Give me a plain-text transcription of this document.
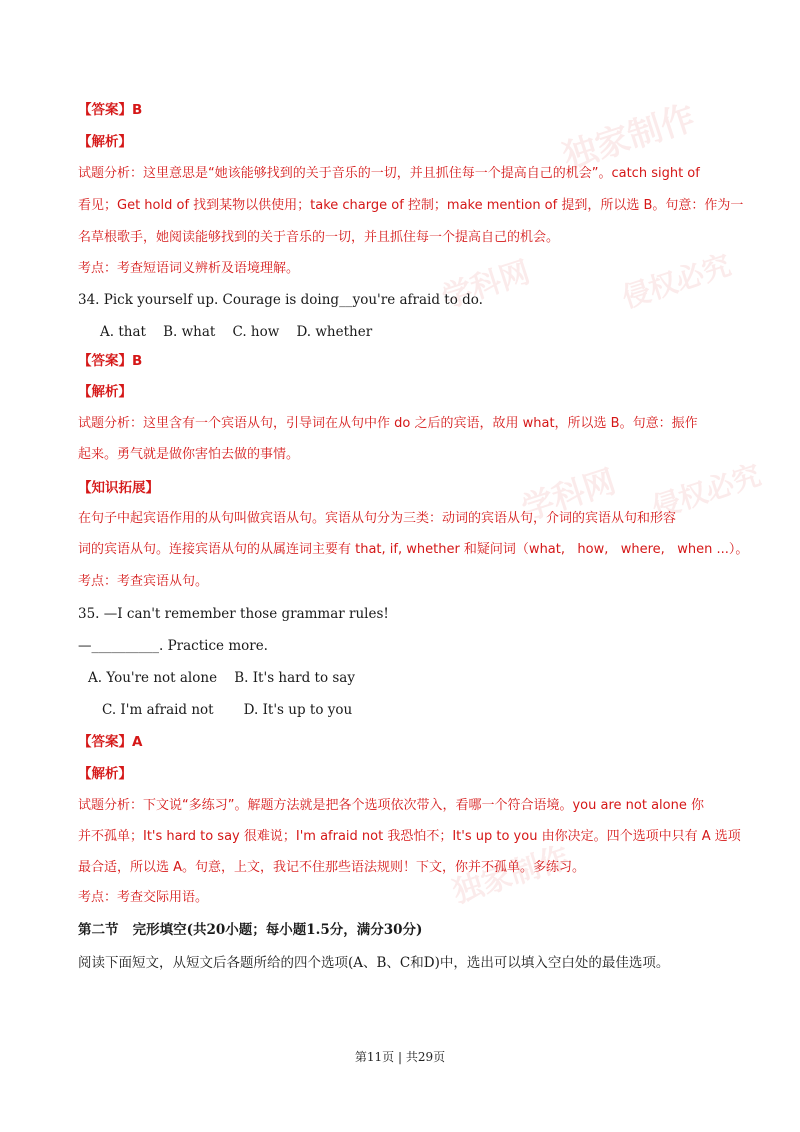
独家制作
学科网	侵权必究
学科网 侵权必究
独家制作
【答案】B
【解析】
试题分析：这里意思是“她该能够找到的关于音乐的一切，并且抓住每一个提高自己的机会”。catch sight of
看见；Get hold of 找到某物以供使用；take charge of 控制；make mention of 提到，所以选 B。句意：作为一
名草根歌手，她阅读能够找到的关于音乐的一切，并且抓住每一个提高自己的机会。
考点：考查短语词义辨析及语境理解。
34. Pick yourself up. Courage is doing__you're afraid to do.
A. that    B. what    C. how    D. whether
【答案】B
【解析】
试题分析：这里含有一个宾语从句，引导词在从句中作 do 之后的宾语，故用 what，所以选 B。句意：振作
起来。勇气就是做你害怕去做的事情。
【知识拓展】
在句子中起宾语作用的从句叫做宾语从句。宾语从句分为三类：动词的宾语从句，介词的宾语从句和形容
词的宾语从句。连接宾语从句的从属连词主要有 that, if, whether 和疑问词（what,   how,   where,   when ...）。
考点：考查宾语从句。
35. —I can't remember those grammar rules!
—__________. Practice more.
A. You're not alone    B. It's hard to say
C. I'm afraid not       D. It's up to you
【答案】A
【解析】
试题分析：下文说“多练习”。解题方法就是把各个选项依次带入，看哪一个符合语境。you are not alone 你
并不孤单；It's hard to say 很难说；I'm afraid not 我恐怕不；It's up to you 由你决定。四个选项中只有 A 选项
最合适，所以选 A。句意，上文，我记不住那些语法规则！下文，你并不孤单。多练习。
考点：考查交际用语。
第二节   完形填空(共20小题；每小题1.5分，满分30分)
阅读下面短文，从短文后各题所给的四个选项(A、B、C和D)中，选出可以填入空白处的最佳选项。
第11页 | 共29页
